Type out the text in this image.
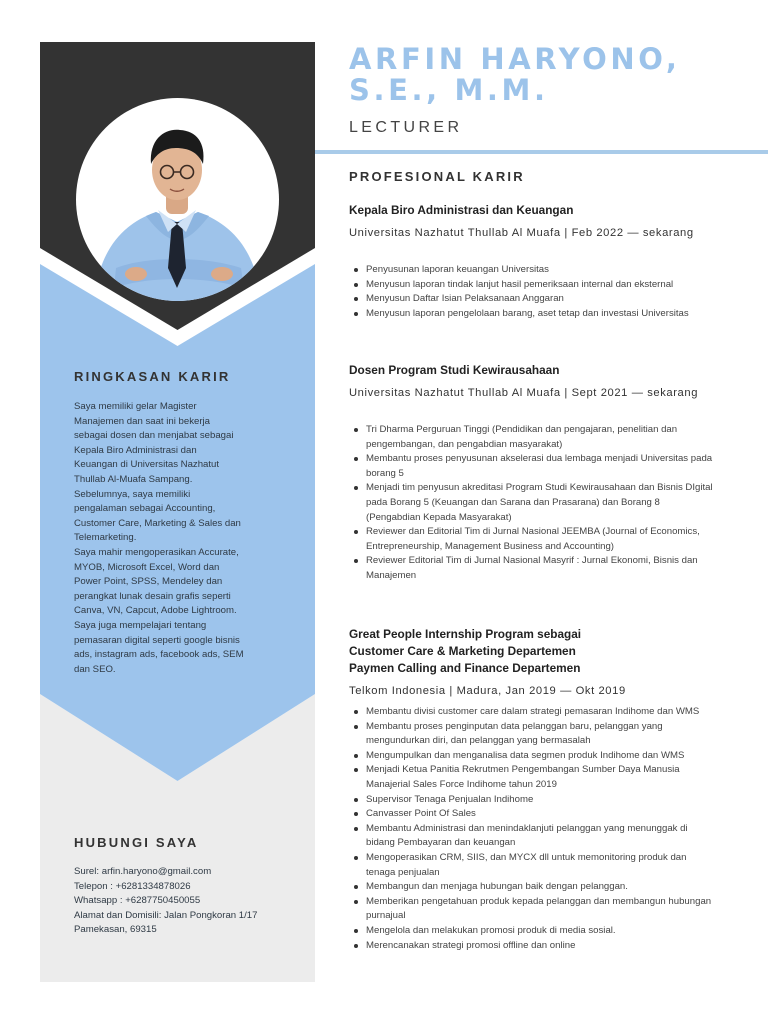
RINGKASAN KARIR

Saya memiliki gelar Magister
Manajemen dan saat ini bekerja
sebagai dosen dan menjabat sebagai
Kepala Biro Administrasi dan
Keuangan di Universitas Nazhatut
Thullab Al-Muafa Sampang.
Sebelumnya, saya memiliki
pengalaman sebagai Accounting,
Customer Care, Marketing & Sales dan
Telemarketing.
Saya mahir mengoperasikan Accurate,
MYOB, Microsoft Excel, Word dan
Power Point, SPSS, Mendeley dan
perangkat lunak desain grafis seperti
Canva, VN, Capcut, Adobe Lightroom.
Saya juga mempelajari tentang
pemasaran digital seperti google bisnis
ads, instagram ads, facebook ads, SEM
dan SEO.

HUBUNGI SAYA
Surel: arfin.haryono@gmail.com
Telepon : +6281334878026
Whatsapp : +6287750450055
Alamat dan Domisili: Jalan Pongkoran 1/17
Pamekasan, 69315
ARFIN HARYONO, S.E., M.M.
LECTURER
PROFESIONAL KARIR
Kepala Biro Administrasi dan Keuangan
Universitas Nazhatut Thullab Al Muafa | Feb 2022 — sekarang
Penyusunan laporan keuangan Universitas
Menyusun laporan tindak lanjut hasil pemeriksaan internal dan eksternal
Menyusun Daftar Isian Pelaksanaan Anggaran
Menyusun laporan pengelolaan barang, aset tetap dan investasi Universitas
Dosen Program Studi Kewirausahaan
Universitas Nazhatut Thullab Al Muafa | Sept 2021 — sekarang
Tri Dharma Perguruan Tinggi (Pendidikan dan pengajaran, penelitian dan pengembangan, dan pengabdian masyarakat)
Membantu proses penyusunan akselerasi dua lembaga menjadi Universitas pada borang 5
Menjadi tim penyusun akreditasi Program Studi Kewirausahaan dan Bisnis DIgital pada Borang 5 (Keuangan dan Sarana dan Prasarana) dan Borang 8 (Pengabdian Kepada Masyarakat)
Reviewer dan Editorial Tim di Jurnal Nasional JEEMBA (Journal of Economics, Entrepreneurship, Management Business and Accounting)
Reviewer Editorial Tim di Jurnal Nasional Masyrif : Jurnal Ekonomi, Bisnis dan Manajemen
Great People Internship Program sebagai
Customer Care & Marketing Departemen
Paymen Calling and Finance Departemen
Telkom Indonesia | Madura, Jan 2019 — Okt 2019
Membantu divisi customer care dalam strategi pemasaran Indihome dan WMS
Membantu proses penginputan data pelanggan baru, pelanggan yang mengundurkan diri, dan pelanggan yang bermasalah
Mengumpulkan dan menganalisa data segmen produk Indihome dan WMS
Menjadi Ketua Panitia Rekrutmen Pengembangan Sumber Daya Manusia Manajerial Sales Force Indihome tahun 2019
Supervisor Tenaga Penjualan Indihome
Canvasser Point Of Sales
Membantu Administrasi dan menindaklanjuti pelanggan yang menunggak di bidang Pembayaran dan keuangan
Mengoperasikan CRM, SIIS, dan MYCX dll untuk memonitoring produk dan tenaga penjualan
Membangun dan menjaga hubungan baik dengan pelanggan.
Memberikan pengetahuan produk kepada pelanggan dan membangun hubungan purnajual
Mengelola dan melakukan promosi produk di media sosial.
Merencanakan strategi promosi offline dan online
